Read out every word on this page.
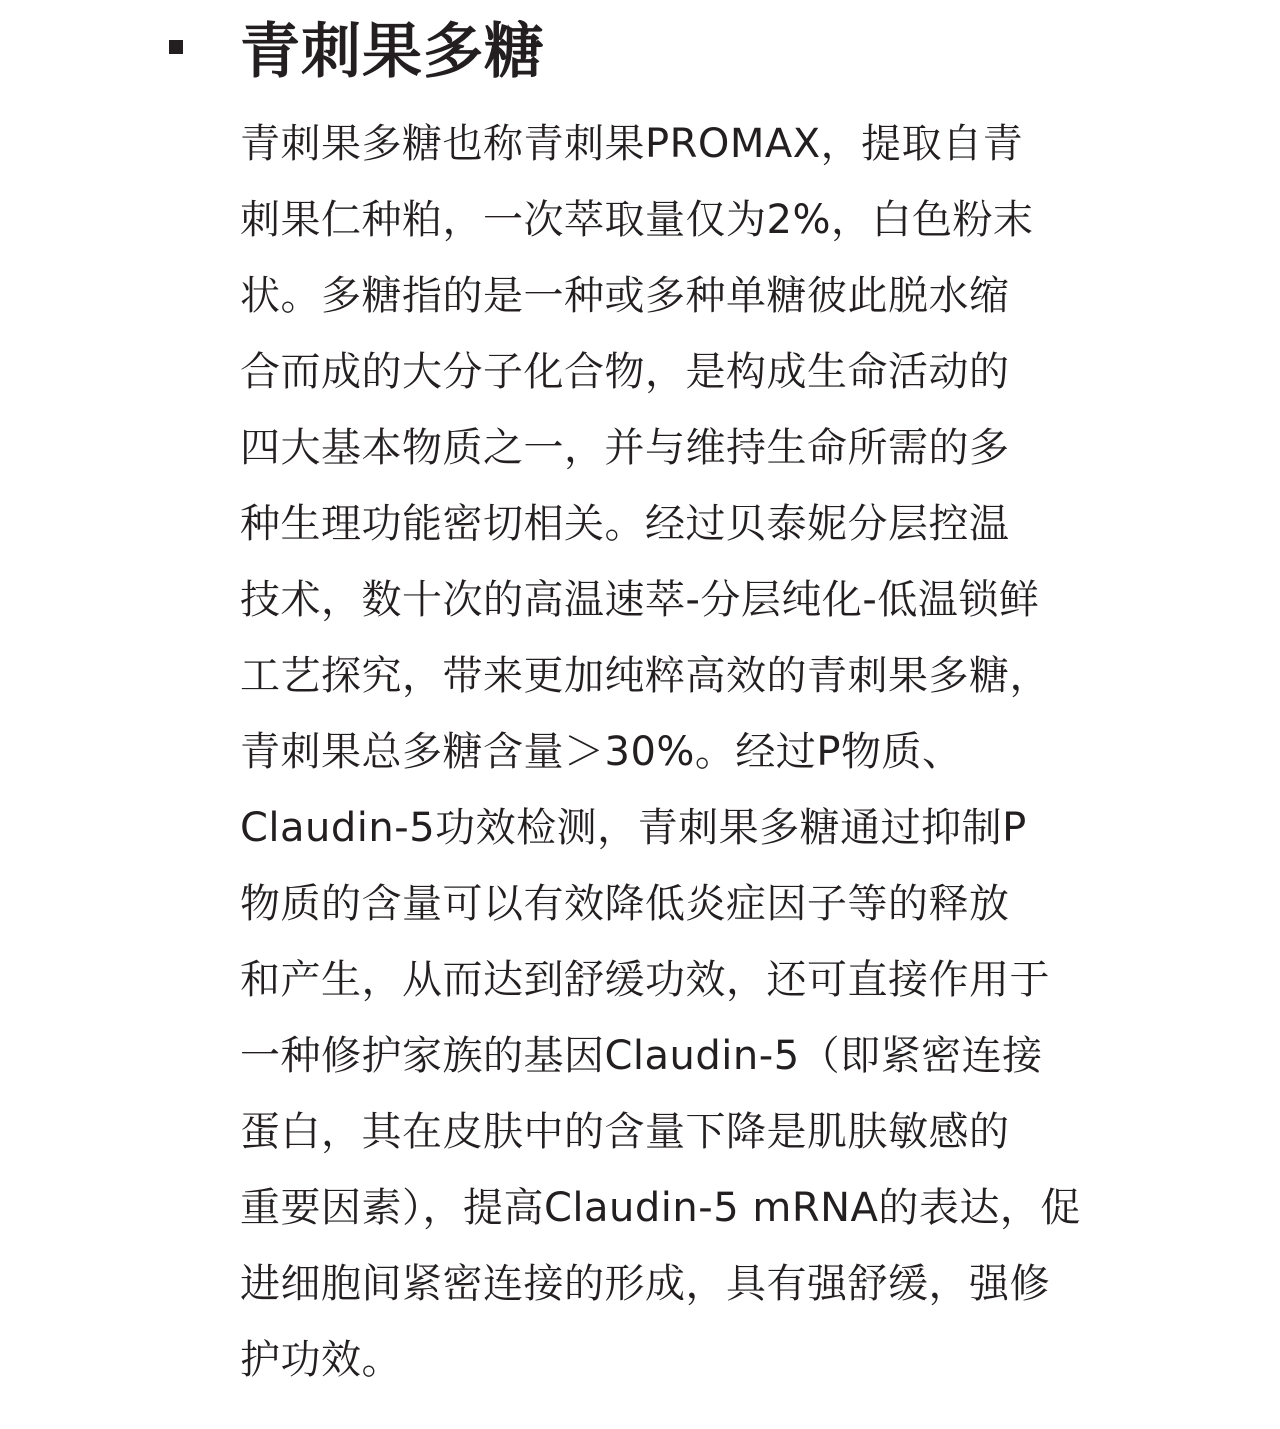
青刺果多糖
青刺果多糖也称青刺果PROMAX，提取自青
刺果仁种粕，一次萃取量仅为2%，白色粉末
状。多糖指的是一种或多种单糖彼此脱水缩
合而成的大分子化合物，是构成生命活动的
四大基本物质之一，并与维持生命所需的多
种生理功能密切相关。经过贝泰妮分层控温
技术，数十次的高温速萃-分层纯化-低温锁鲜
工艺探究，带来更加纯粹高效的青刺果多糖，
青刺果总多糖含量＞30%。经过P物质、
Claudin-5功效检测，青刺果多糖通过抑制P
物质的含量可以有效降低炎症因子等的释放
和产生，从而达到舒缓功效，还可直接作用于
一种修护家族的基因Claudin-5（即紧密连接
蛋白，其在皮肤中的含量下降是肌肤敏感的
重要因素），提高Claudin-5 mRNA的表达，促
进细胞间紧密连接的形成，具有强舒缓，强修
护功效。
